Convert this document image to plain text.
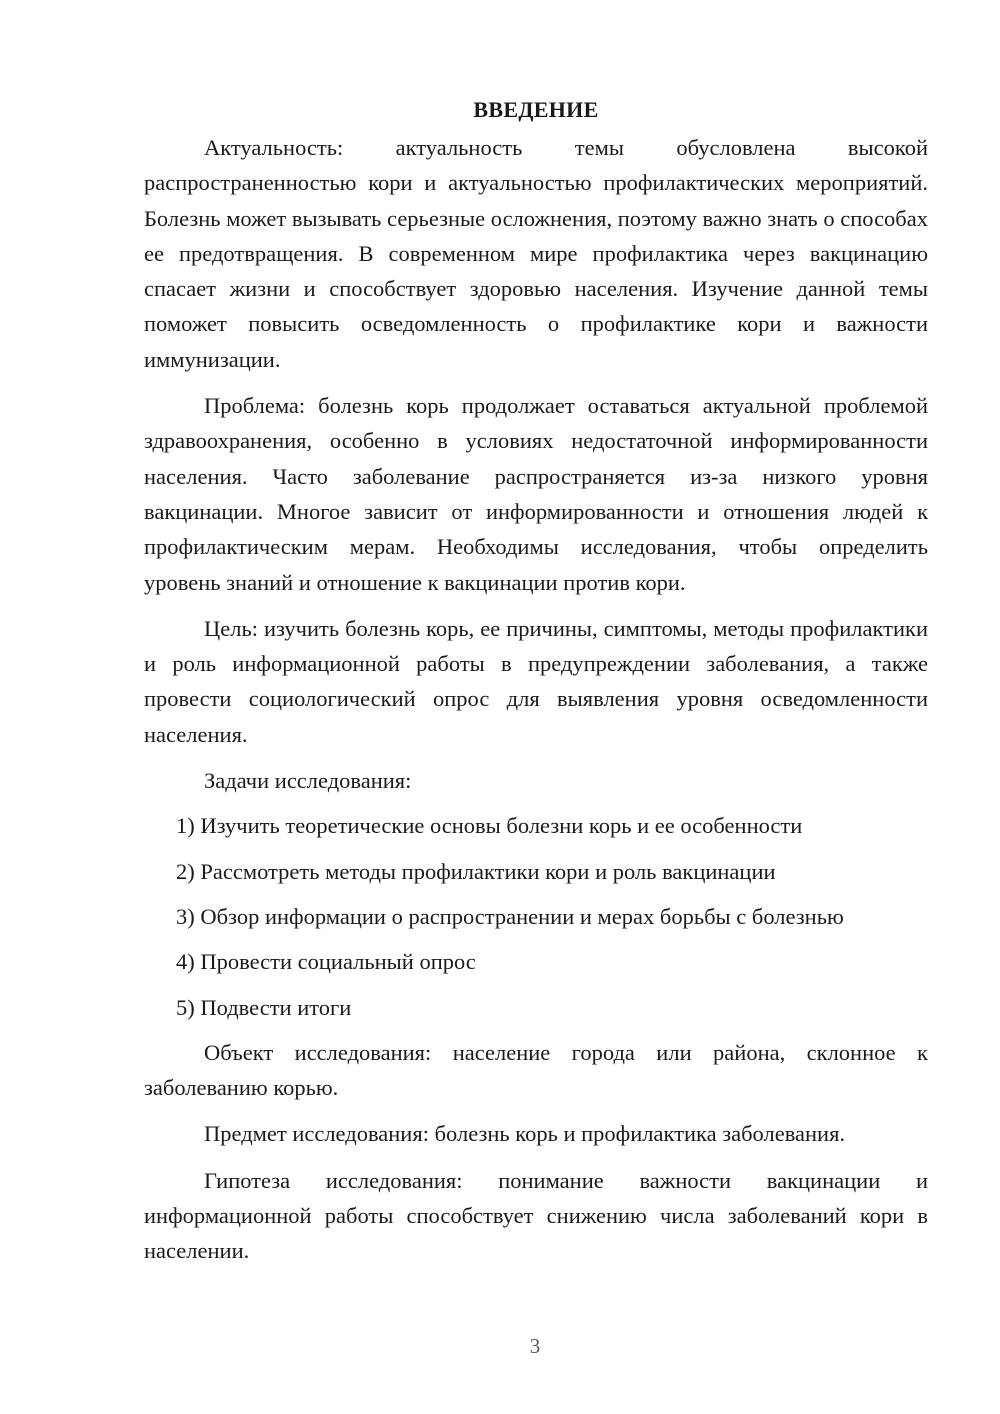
ВВЕДЕНИЕ

Актуальность: актуальность темы обусловлена высокой распространенностью кори и актуальностью профилактических мероприятий. Болезнь может вызывать серьезные осложнения, поэтому важно знать о способах ее предотвращения. В современном мире профилактика через вакцинацию спасает жизни и способствует здоровью населения. Изучение данной темы поможет повысить осведомленность о профилактике кори и важности иммунизации.

Проблема: болезнь корь продолжает оставаться актуальной проблемой здравоохранения, особенно в условиях недостаточной информированности населения. Часто заболевание распространяется из-за низкого уровня вакцинации. Многое зависит от информированности и отношения людей к профилактическим мерам. Необходимы исследования, чтобы определить уровень знаний и отношение к вакцинации против кори.

Цель: изучить болезнь корь, ее причины, симптомы, методы профилактики и роль информационной работы в предупреждении заболевания, а также провести социологический опрос для выявления уровня осведомленности населения.

Задачи исследования:

1) Изучить теоретические основы болезни корь и ее особенности
2) Рассмотреть методы профилактики кори и роль вакцинации
3) Обзор информации о распространении и мерах борьбы с болезнью
4) Провести социальный опрос
5) Подвести итоги

Объект исследования: население города или района, склонное к заболеванию корью.

Предмет исследования: болезнь корь и профилактика заболевания.

Гипотеза исследования: понимание важности вакцинации и информационной работы способствует снижению числа заболеваний кори в населении.

3
